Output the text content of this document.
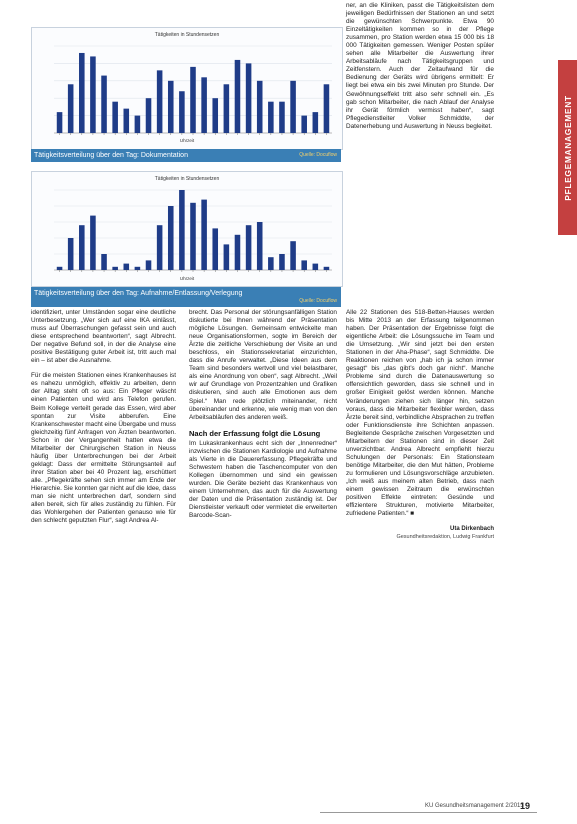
PFLEGEMANAGEMENT
Tätigkeiten in Stundensetzen
Uhrzeit
Tätigkeitsverteilung über den Tag: Dokumentation	Quelle: Docuflow
Tätigkeiten in Stundensetzen
Uhrzeit
Tätigkeitsverteilung über den Tag: Aufnahme/Entlassung/Verlegung
Quelle: Docuflow

identifiziert, unter Umständen sogar eine deutliche Unterbesetzung. „Wer sich auf eine IKA einlässt, muss auf Überraschungen gefasst sein und auch diese entsprechend beantworten“, sagt Albrecht. Der negative Befund soll, in der die Analyse eine positive Bestätigung guter Arbeit ist, tritt auch mal ein – ist aber die Ausnahme.

Für die meisten Stationen eines Krankenhauses ist es nahezu unmöglich, effektiv zu arbeiten, denn der Alltag steht oft so aus: Ein Pfleger wäscht einen Patienten und wird ans Telefon gerufen. Beim Kollege verteilt gerade das Essen, wird aber spontan zur Visite abberufen. Eine Krankenschwester macht eine Übergabe und muss gleichzeitig fünf Anfragen von Ärzten beantworten. Schon in der Vergangenheit hatten etwa die Mitarbeiter der Chirurgischen Station in Neuss häufig über Unterbrechungen bei der Arbeit geklagt: Dass der ermittelte Störungsanteil auf ihrer Station aber bei 40 Prozent lag, erschüttert alle. „Pflegekräfte sehen sich immer am Ende der Hierarchie. Sie konnten gar nicht auf die Idee, dass man sie nicht unterbrechen darf, sondern sind allen bereit, sich für alles zuständig zu fühlen. Für das Wohlergehen der Patienten genauso wie für den schlecht geputzten Flur“, sagt Andrea Al-

brecht. Das Personal der störungsanfälligen Station diskutierte bei Ihnen während der Präsentation mögliche Lösungen. Gemeinsam entwickelte man neue Organisationsformen, sogte im Bereich der Ärzte die zeitliche Verschiebung der Visite an und beschloss, ein Stationssekretariat einzurichten, dass die Anrufe verwaltet. „Diese Ideen aus dem Team sind besonders wertvoll und viel belastbarer, als eine Anordnung von oben“, sagt Albrecht. „Weil wir auf Grundlage von Prozentzahlen und Grafiken diskutieren, sind auch alle Emotionen aus dem Spiel.“ Man rede plötzlich miteinander, nicht übereinander und erkenne, wie wenig man von den Arbeitsabläufen des anderen weiß.

Nach der Erfassung folgt die Lösung

Im Lukaskrankenhaus echt sich der „Innenredner“ inzwischen die Stationen Kardiologie und Aufnahme als Vierte in die Dauererfassung. Pflegekräfte und Schwestern haben die Taschencomputer von den Kollegen übernommen und sind ein gewissen wurden. Die Geräte bezieht das Krankenhaus von einem Unternehmen, das auch für die Auswertung der Daten und die Präsentation zuständig ist. Der Dienstleister verkauft oder vermietet die erweiterten Barcode-Scan-

ner, an die Kliniken, passt die Tätigkeitslisten dem jeweiligen Bedürfnissen der Stationen an und setzt die gewünschten Schwerpunkte. Etwa 90 Einzeltätigkeiten kommen so in der Pflege zusammen, pro Station werden etwa 15 000 bis 18 000 Tätigkeiten gemessen. Weniger Posten spüler sehen alle Mitarbeiter die Auswertung ihrer Arbeitsabläufe nach Tätigkeitsgruppen und Zeitfenstern. Auch der Zeitaufwand für die Bedienung der Geräts wird übrigens ermittelt: Er liegt bei etwa ein bis zwei Minuten pro Stunde. Der Gewöhnungseffekt tritt also sehr schnell ein. „Es gab schon Mitarbeiter, die nach Ablauf der Analyse ihr Gerät förmlich vermisst haben“, sagt Pflegedienstleiter Volker Schmiddte, der Datenerhebung und Auswertung in Neuss begleitet.

Alle 22 Stationen des 518-Betten-Hauses werden bis Mitte 2013 an der Erfassung teilgenommen haben. Der Präsentation der Ergebnisse folgt die eigentliche Arbeit: die Lösungssuche im Team und die Umsetzung. „Wir sind jetzt bei den ersten Stationen in der Aha-Phase“, sagt Schmiddte. Die Reaktionen reichen von „hab ich ja schon immer gesagt“ bis „das gibt’s doch gar nicht“. Manche Probleme sind durch die Datenauswertung so offensichtlich geworden, dass sie schnell und in großer Einigkeit gelöst werden können. Manche Veränderungen ziehen sich länger hin, setzen voraus, dass die Mitarbeiter flexibler werden, dass Ärzte bereit sind, verbindliche Absprachen zu treffen oder Funktionsdienste ihre Schichten anpassen. Begleitende Gespräche zwischen Vorgesetzten und Mitarbeitern der Stationen sind in dieser Zeit unverzichtbar. Andrea Albrecht empfiehlt hierzu Schulungen der Personals: Ein Stationsteam benötige Mitarbeiter, die den Mut hätten, Probleme zu formulieren und Lösungsvorschläge anzubieten. „Ich weiß aus meinem alten Betrieb, dass nach einem gewissen Zeitraum die erwünschten positiven Effekte eintreten: Gesünde und effizientere Strukturen, motivierte Mitarbeiter, zufriedene Patienten.“ ■

Uta Dirkenbach
Gesundheitsredaktion, Ludwig Frankfurt
KU Gesundheitsmanagement 2/2013
19
